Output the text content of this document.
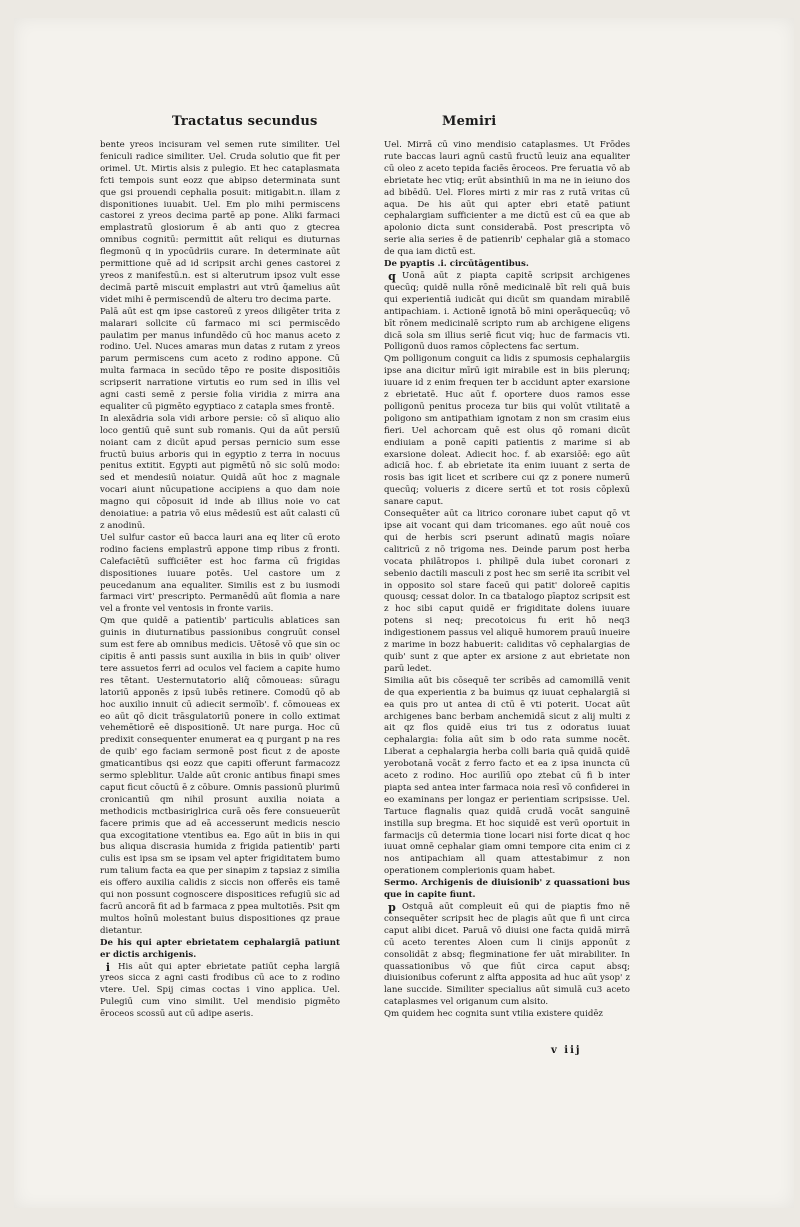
Tractatus secundus	Memiri

bente yreos incisuram vel semen rute similiter. Uel feniculi radice similiter. Uel. Cruda solutio que fit per orimel. Ut. Mirtis alsis z pulegio. Et hec cataplasmata fcti tempois sunt eozz que abipso determinata sunt que gsi prouendi cephalia posuit: mitigabit.n. illam z disponitiones iuuabit. Uel. Em plo mihi permiscens castorei z yreos decima partē ap pone. Aliki farmaci emplastratū glosiorum ē ab anti quo z gtecrea omnibus cognitū: permittit aūt reliqui es diuturnas flegmonū q in ypocūdriis curare. In determinate aūt permittione quē ad id scripsit archi genes castorei z yreos z manifestū.n. est si alterutrum ipsoz vult esse decimā partē miscuit emplastri aut vtrū q̄amelius aūt videt mihi ē permiscendū de alteru tro decima parte.

Palā aūt est qm ipse castoreū z yreos diligēter trita z malarari sollcite cū farmaco mi sci permiscēdo paulatim per manus infundēdo cū hoc manus aceto z rodino. Uel. Nuces amaras mun datas z rutam z yreos parum permiscens cum aceto z rodino appone. Cū multa farmaca in secūdo tēpo re posite dispositiōis scripserit narratione virtutis eo rum sed in illis vel agni casti semē z persie folia viridia z mirra ana equaliter cū pigmēto egyptiaco z catapla smes frontē.

In alexādria sola vidi arbore persie: cō sī aliquo alio loco gentiū quē sunt sub romanis. Qui da aūt persiū noiant cam z dicūt apud persas pernicio sum esse fructū buius arboris qui in egyptio z terra in nocuus penitus extitit. Egypti aut pigmētū nō sic solū modo: sed et mendesiū noiatur. Quidā aūt hoc z magnale vocari aiunt nūcupatione accipiens a quo dam noie magno qui cōposuit id inde ab illius noie vo cat denoiatiue: a patria vō eius mēdesiū est aūt calasti cū z anodinū.

Uel sulfur castor eū bacca lauri ana eq liter cū eroto rodino faciens emplastrū appone timp ribus z fronti. Calefaciētū sufficiēter est hoc farma cū frigidas dispositiones iuuare potēs. Uel castore um z peucedanum ana equaliter. Similis est z bu iusmodi farmaci virt' prescripto. Permanēdū aūt flomia a nare vel a fronte vel ventosis in fronte variis.

Qm que quidē a patientib' particulis ablatices san guinis in diuturnatibus passionibus congruūt consel sum est fere ab omnibus medicis. Uētosē vō que sin oc cipitis ē anti passis sunt auxilia in biis in quib' oliver tere assuetos ferri ad oculos vel faciem a capite humo res tētant. Uesternutatorio aliq̄ cōmoueas: sūragu latoriū apponēs z ipsū iubēs retinere. Comodū qō ab hoc auxilio innuit cū adiecit sermoīb'. f. cōmoueas ex eo aūt qō dicit trāsgulatoriū ponere in collo extimat vehemētiorē eē dispositionē. Ut nare purga. Hoc cū predixit consequenter enumerat ea q purgant p na res de quib' ego faciam sermonē post ficut z de aposte gmaticantibus qsi eozz que capiti offerunt farmacozz sermo spleblitur. Ualde aūt cronic antibus finapi smes caput ficut cōuctū ē z cōbure. Omnis passionū plurimū cronicantiū qm nihil prosunt auxilia noiata a methodicis mctbasiriglrica curā oēs fere consueuerūt facere primis que ad eā accesserunt medicis nescio qua excogitatione vtentibus ea. Ego aūt in biis in qui bus aliqua discrasia humida z frigida patientib' parti culis est ipsa sm se ipsam vel apter frigiditatem bumo rum talium facta ea que per sinapim z tapsiaz z similia eis offero auxilia calidis z siccis non offerēs eis tamē qui non possunt cognoscere dispositices refugiū sic ad facrū ancorā fit ad b farmaca z ppea multotiēs. Psit qm multos hoīnū molestant buius dispositiones qz praue dietantur.

De his qui apter ebrietatem cephalargiā patiunt er dictis archigenis.

i His aūt qui apter ebrietate patiūt cepha largiā yreos sicca z agni casti frodibus cū ace to z rodino vtere. Uel. Spij cimas coctas i vino applica. Uel. Pulegiū cum vino similit. Uel mendisio pigmēto ēroceos scossū aut cū adipe aseris.

Uel. Mirrā cū vino mendisio cataplasmes. Ut Frōdes rute baccas lauri agnū castū fructū leuiz ana equaliter cū oleo z aceto tepida faciēs ēroceos. Pre feruatia vō ab ebrietate hec vtiq; erūt absinthiū in ma ne in ieiuno dos ad bibēdū. Uel. Flores mirti z mir ras z rutā vritas cū aqua. De his aūt qui apter ebri etatē patiunt cephalargiam sufficienter a me dictū est cū ea que ab apolonio dicta sunt considerabā. Post prescripta vō serie alia series ē de patienrib' cephalar giā a stomaco de qua iam dictū est.

De pyaptis .i. circūtāgentibus.

q Uonā aūt z piapta capitē scripsit archigenes quecūq; quidē nulla rōnē medicinalē bīt reli quā buis qui experientiā iudicāt qui dicūt sm quandam mirabilē antipachiam. i. Actionē ignotā bō mini operāquecūq; vō bīt rōnem medicinalē scripto rum ab archigene eligens dicā sola sm illius seriē ficut viq; huc de farmacis vti. Polligonū duos ramos cōplectens fac sertum.

Qm polligonum conguit ca lidis z spumosis cephalargiis ipse ana dicitur mīrū igit mirabile est in biis plerunq; iuuare id z enim frequen ter b accidunt apter exarsione z ebrietatē. Huc aūt f. oportere duos ramos esse polligonū penitus proceza tur biis qui volūt vtilitatē a poligono sm antipathiam ignotam z non sm crasim eius fieri. Uel achorcam quē est olus qō romani dicūt endiuiam a ponē capiti patientis z marime si ab exarsione doleat. Adiecit hoc. f. ab exarsiōē: ego aūt adiciā hoc. f. ab ebrietate ita enim iuuant z serta de rosis bas igit licet et scribere cui qz z ponere numerū quecūq; volueris z dicere sertū et tot rosis cōplexū sanare caput.

Consequēter aūt ca litrico coronare iubet caput qō vt ipse ait vocant qui dam tricomanes. ego aūt nouē cos qui de herbis scri pserunt adinatū magis noīare calitricū z nō trigoma nes. Deinde parum post herba vocata philātropos i. philipē dula iubet coronari z sebenio dactili masculi z post hec sm seriē ita scribit vel in opposito sol stare faceū qui patit' doloreē capitis quousq; cessat dolor. In ca tbatalogo pīaptoz scripsit est z hoc sibi caput quidē er frigiditate dolens iuuare potens si neq; precotoicus fu erit hō neq3 indigestionem passus vel aliquē humorem prauū inueire z marime in bozz habuerit: caliditas vō cephalargias de quib' sunt z que apter ex arsione z aut ebrietate non parū ledet.

Similia aūt bis cōsequē ter scribēs ad camomillā venit de qua experientia z ba buimus qz iuuat cephalargiā si ea quis pro ut antea di ctū ē vti poterit. Uocat aūt archigenes banc berbam anchemidā sicut z alij multi z ait qz flos quidē eius tri tus z odoratus iuuat cephalargia: folia aūt sim b odo rata summe nocēt. Liberat a cephalargia herba colli baria quā quidā quidē yerobotanā vocāt z ferro facto et ea z ipsa inuncta cū aceto z rodino. Hoc aurilīū opo ztebat cū fi b inter piapta sed antea inter farmaca noia resī vō confiderei in eo examinans per longaz er perientiam scripsisse. Uel. Tartuce flagnalis quaz quidā crudā vocāt sanguinē instilla sup bregma. Et hoc siquidē est verū oportuit in farmacijs cū determia tione locari nisi forte dicat q hoc iuuat omnē cephalar giam omni tempore cita enim ci z nos antipachiam all quam attestabimur z non operationem complerionis quam habet.

Sermo. Archigenis de diuisionib' z quassationi bus que in capite fiunt.

p Ostquā aūt compleuit eū qui de piaptis fmo nē consequēter scripsit hec de plagis aūt que fi unt circa caput alibi dicet. Paruā vō diuisi one facta quidā mirrā cū aceto terentes Aloen cum li cinijs apponūt z consolidāt z absq; flegminatione fer uāt mirabiliter. In quassationibus vō que fiūt circa caput absq; diuisionibus coferunt z alfta apposita ad huc aūt ysop' z lane succide. Similiter specialius aūt simulā cu3 aceto cataplasmes vel origanum cum alsito.

Qm quidem hec cognita sunt vtilia existere quidēz

v iij
